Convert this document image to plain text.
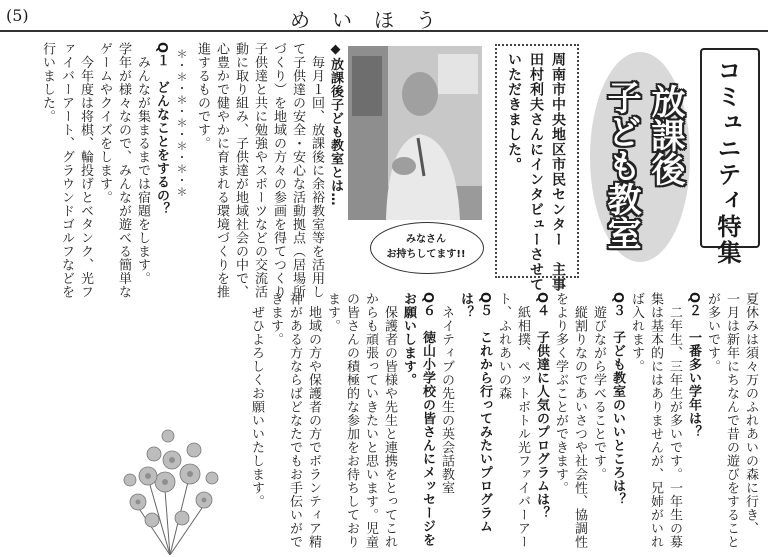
(5)	めいほう
コミュニティ特集
放課後
子ども教室
周南市中央地区市民センター　主事
田村利夫さんにインタビューさせて
いただきました。
みなさん
お持ちしてます!!
夏休みは須々万のふれあいの森に行き、
一月は新年にちなんで昔の遊びをすること
が多いです。
Q２　一番多い学年は？
　二年生、三年生が多いです。一年生の募
集は基本的にはありませんが、兄姉がいれ
ば入れます。
Q３　子ども教室のいいところは？
　遊びながら学べることです。
　縦割りなのであいさつや社会性、協調性
をより多く学ぶことができます。
Q４　子供達に人気のプログラムは？
　紙相撲、ペットボトル光ファイバーアー
ト、ふれあいの森
Q５　これから行ってみたいプログラム
は？
　ネイティブの先生の英会話教室
Q６　徳山小学校の皆さんにメッセージを
お願いします。
　保護者の皆様や先生と連携をとってこれ
からも頑張っていきたいと思います。児童
の皆さんの積極的な参加をお待ちしており
ます。
　地域の方や保護者の方でボランティア精
神がある方ならばどなたでもお手伝いがで
きます。
　ぜひよろしくお願いいたします。
◆放課後子ども教室とは…
　毎月１回、放課後に余裕教室等を活用し
て子供達の安全・安心な活動拠点（居場所
づくり）を地域の方々の参画を得てつくり
子供達と共に勉強やスポーツなどの交流活
動に取り組み、子供達が地域社会の中で、
心豊かで健やかに育まれる環境づくりを推
進するものです。
＊・＊・＊・＊・＊・＊・＊
Q１　どんなことをするの？
　みんなが集まるまでは宿題をします。
学年が様々なので、みんなが遊べる簡単な
ゲームやクイズをします。
　今年度は将棋、輪投げとベタンク、光フ
ァイバーアート、グラウンドゴルフなどを
行いました。
